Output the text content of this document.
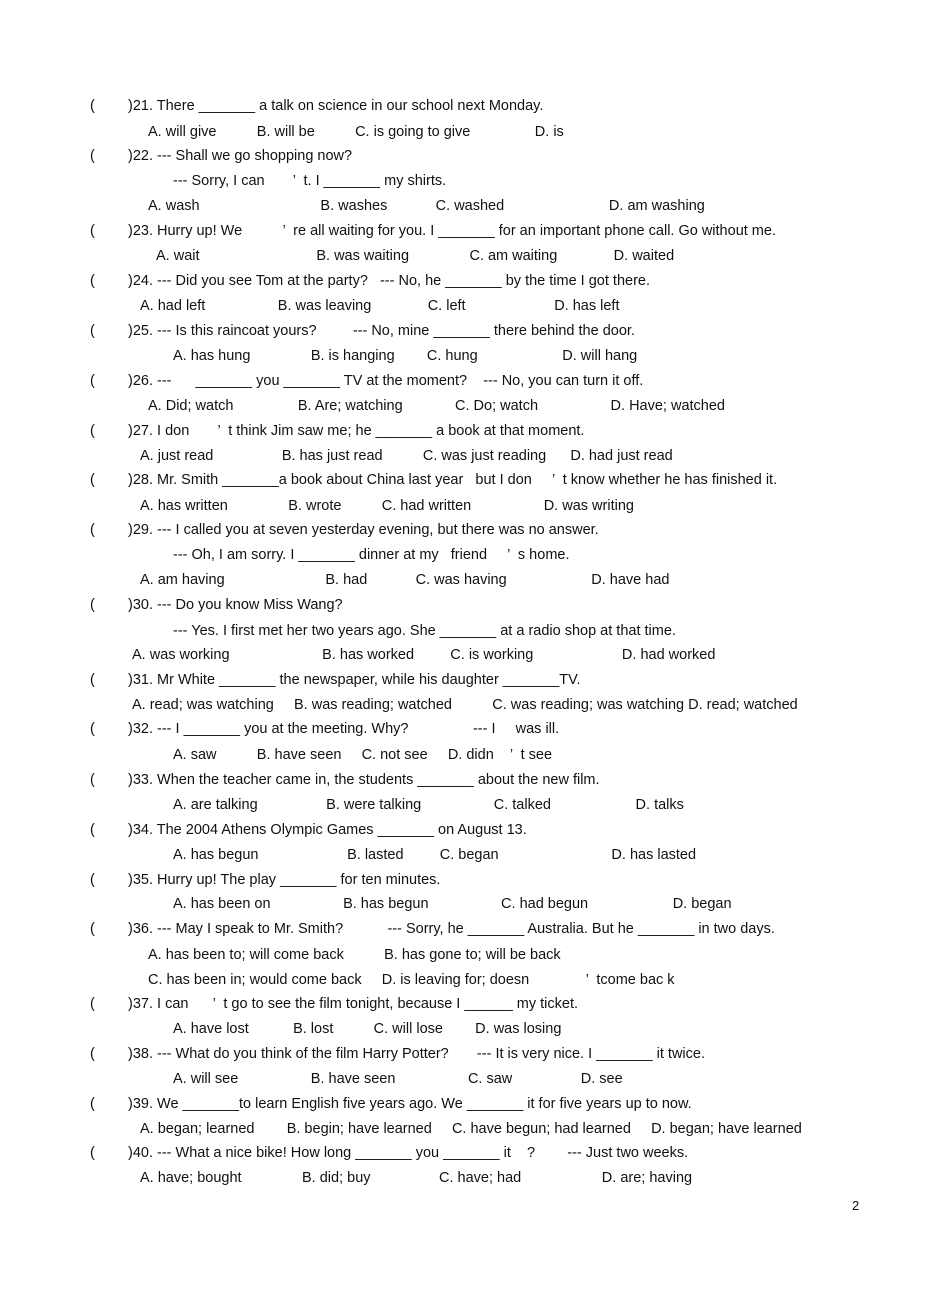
( )21. There _______ a talk on science in our school next Monday.
A. will give          B. will be          C. is going to give                D. is
( )22. --- Shall we go shopping now?
--- Sorry, I can       ’  t. I _______ my shirts.
A. wash                              B. washes            C. washed                          D. am washing
( )23. Hurry up! We          ’  re all waiting for you. I _______ for an important phone call. Go without me.
A. wait                             B. was waiting               C. am waiting              D. waited
( )24. --- Did you see Tom at the party?   --- No, he _______ by the time I got there.
A. had left                  B. was leaving              C. left                      D. has left
( )25. --- Is this raincoat yours?         --- No, mine _______ there behind the door.
A. has hung               B. is hanging        C. hung                     D. will hang
( )26. ---      _______ you _______ TV at the moment?    --- No, you can turn it off.
A. Did; watch                B. Are; watching             C. Do; watch                  D. Have; watched
( )27. I don       ’  t think Jim saw me; he _______ a book at that moment.
A. just read                 B. has just read          C. was just reading      D. had just read
( )28. Mr. Smith _______a book about China last year   but I don     ’  t know whether he has finished it.
A. has written               B. wrote          C. had written                  D. was writing
( )29. --- I called you at seven yesterday evening, but there was no answer.
--- Oh, I am sorry. I _______ dinner at my   friend     ’  s home.
A. am having                         B. had            C. was having                     D. have had
( )30. --- Do you know Miss Wang?
--- Yes. I first met her two years ago. She _______ at a radio shop at that time.
A. was working                       B. has worked         C. is working                      D. had worked
( )31. Mr White _______ the newspaper, while his daughter _______TV.
A. read; was watching     B. was reading; watched          C. was reading; was watching D. read; watched
( )32. --- I _______ you at the meeting. Why?                --- I     was ill.
A. saw          B. have seen     C. not see     D. didn    ’  t see
( )33. When the teacher came in, the students _______ about the new film.
A. are talking                 B. were talking                  C. talked                     D. talks
( )34. The 2004 Athens Olympic Games _______ on August 13.
A. has begun                      B. lasted         C. began                            D. has lasted
( )35. Hurry up! The play _______ for ten minutes.
A. has been on                  B. has begun                  C. had begun                     D. began
( )36. --- May I speak to Mr. Smith?           --- Sorry, he _______ Australia. But he _______ in two days.
A. has been to; will come back          B. has gone to; will be back
C. has been in; would come back     D. is leaving for; doesn              ’  tcome bac k
( )37. I can      ’  t go to see the film tonight, because I ______ my ticket.
A. have lost           B. lost          C. will lose        D. was losing
( )38. --- What do you think of the film Harry Potter?       --- It is very nice. I _______ it twice.
A. will see                  B. have seen                  C. saw                 D. see
( )39. We _______to learn English five years ago. We _______ it for five years up to now.
A. began; learned        B. begin; have learned     C. have begun; had learned     D. began; have learned
( )40. --- What a nice bike! How long _______ you _______ it    ?        --- Just two weeks.
A. have; bought               B. did; buy                 C. have; had                    D. are; having
2
